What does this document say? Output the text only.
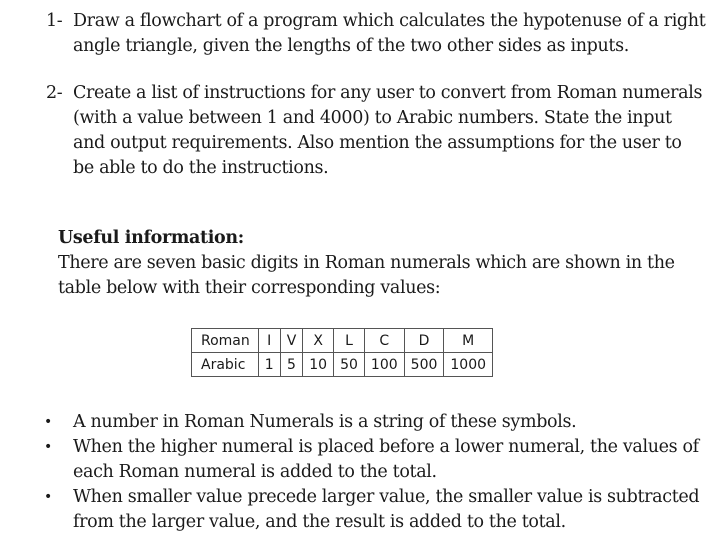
1- Draw a flowchart of a program which calculates the hypotenuse of a right angle triangle, given the lengths of the two other sides as inputs.
2- Create a list of instructions for any user to convert from Roman numerals (with a value between 1 and 4000) to Arabic numbers. State the input and output requirements. Also mention the assumptions for the user to be able to do the instructions.
Useful information:
There are seven basic digits in Roman numerals which are shown in the table below with their corresponding values:
Roman	I	V	X	L	C	D	M
Arabic	1	5	10	50	100	500	1000
•	A number in Roman Numerals is a string of these symbols.
•	When the higher numeral is placed before a lower numeral, the values of each Roman numeral is added to the total.
•	When smaller value precede larger value, the smaller value is subtracted from the larger value, and the result is added to the total.
